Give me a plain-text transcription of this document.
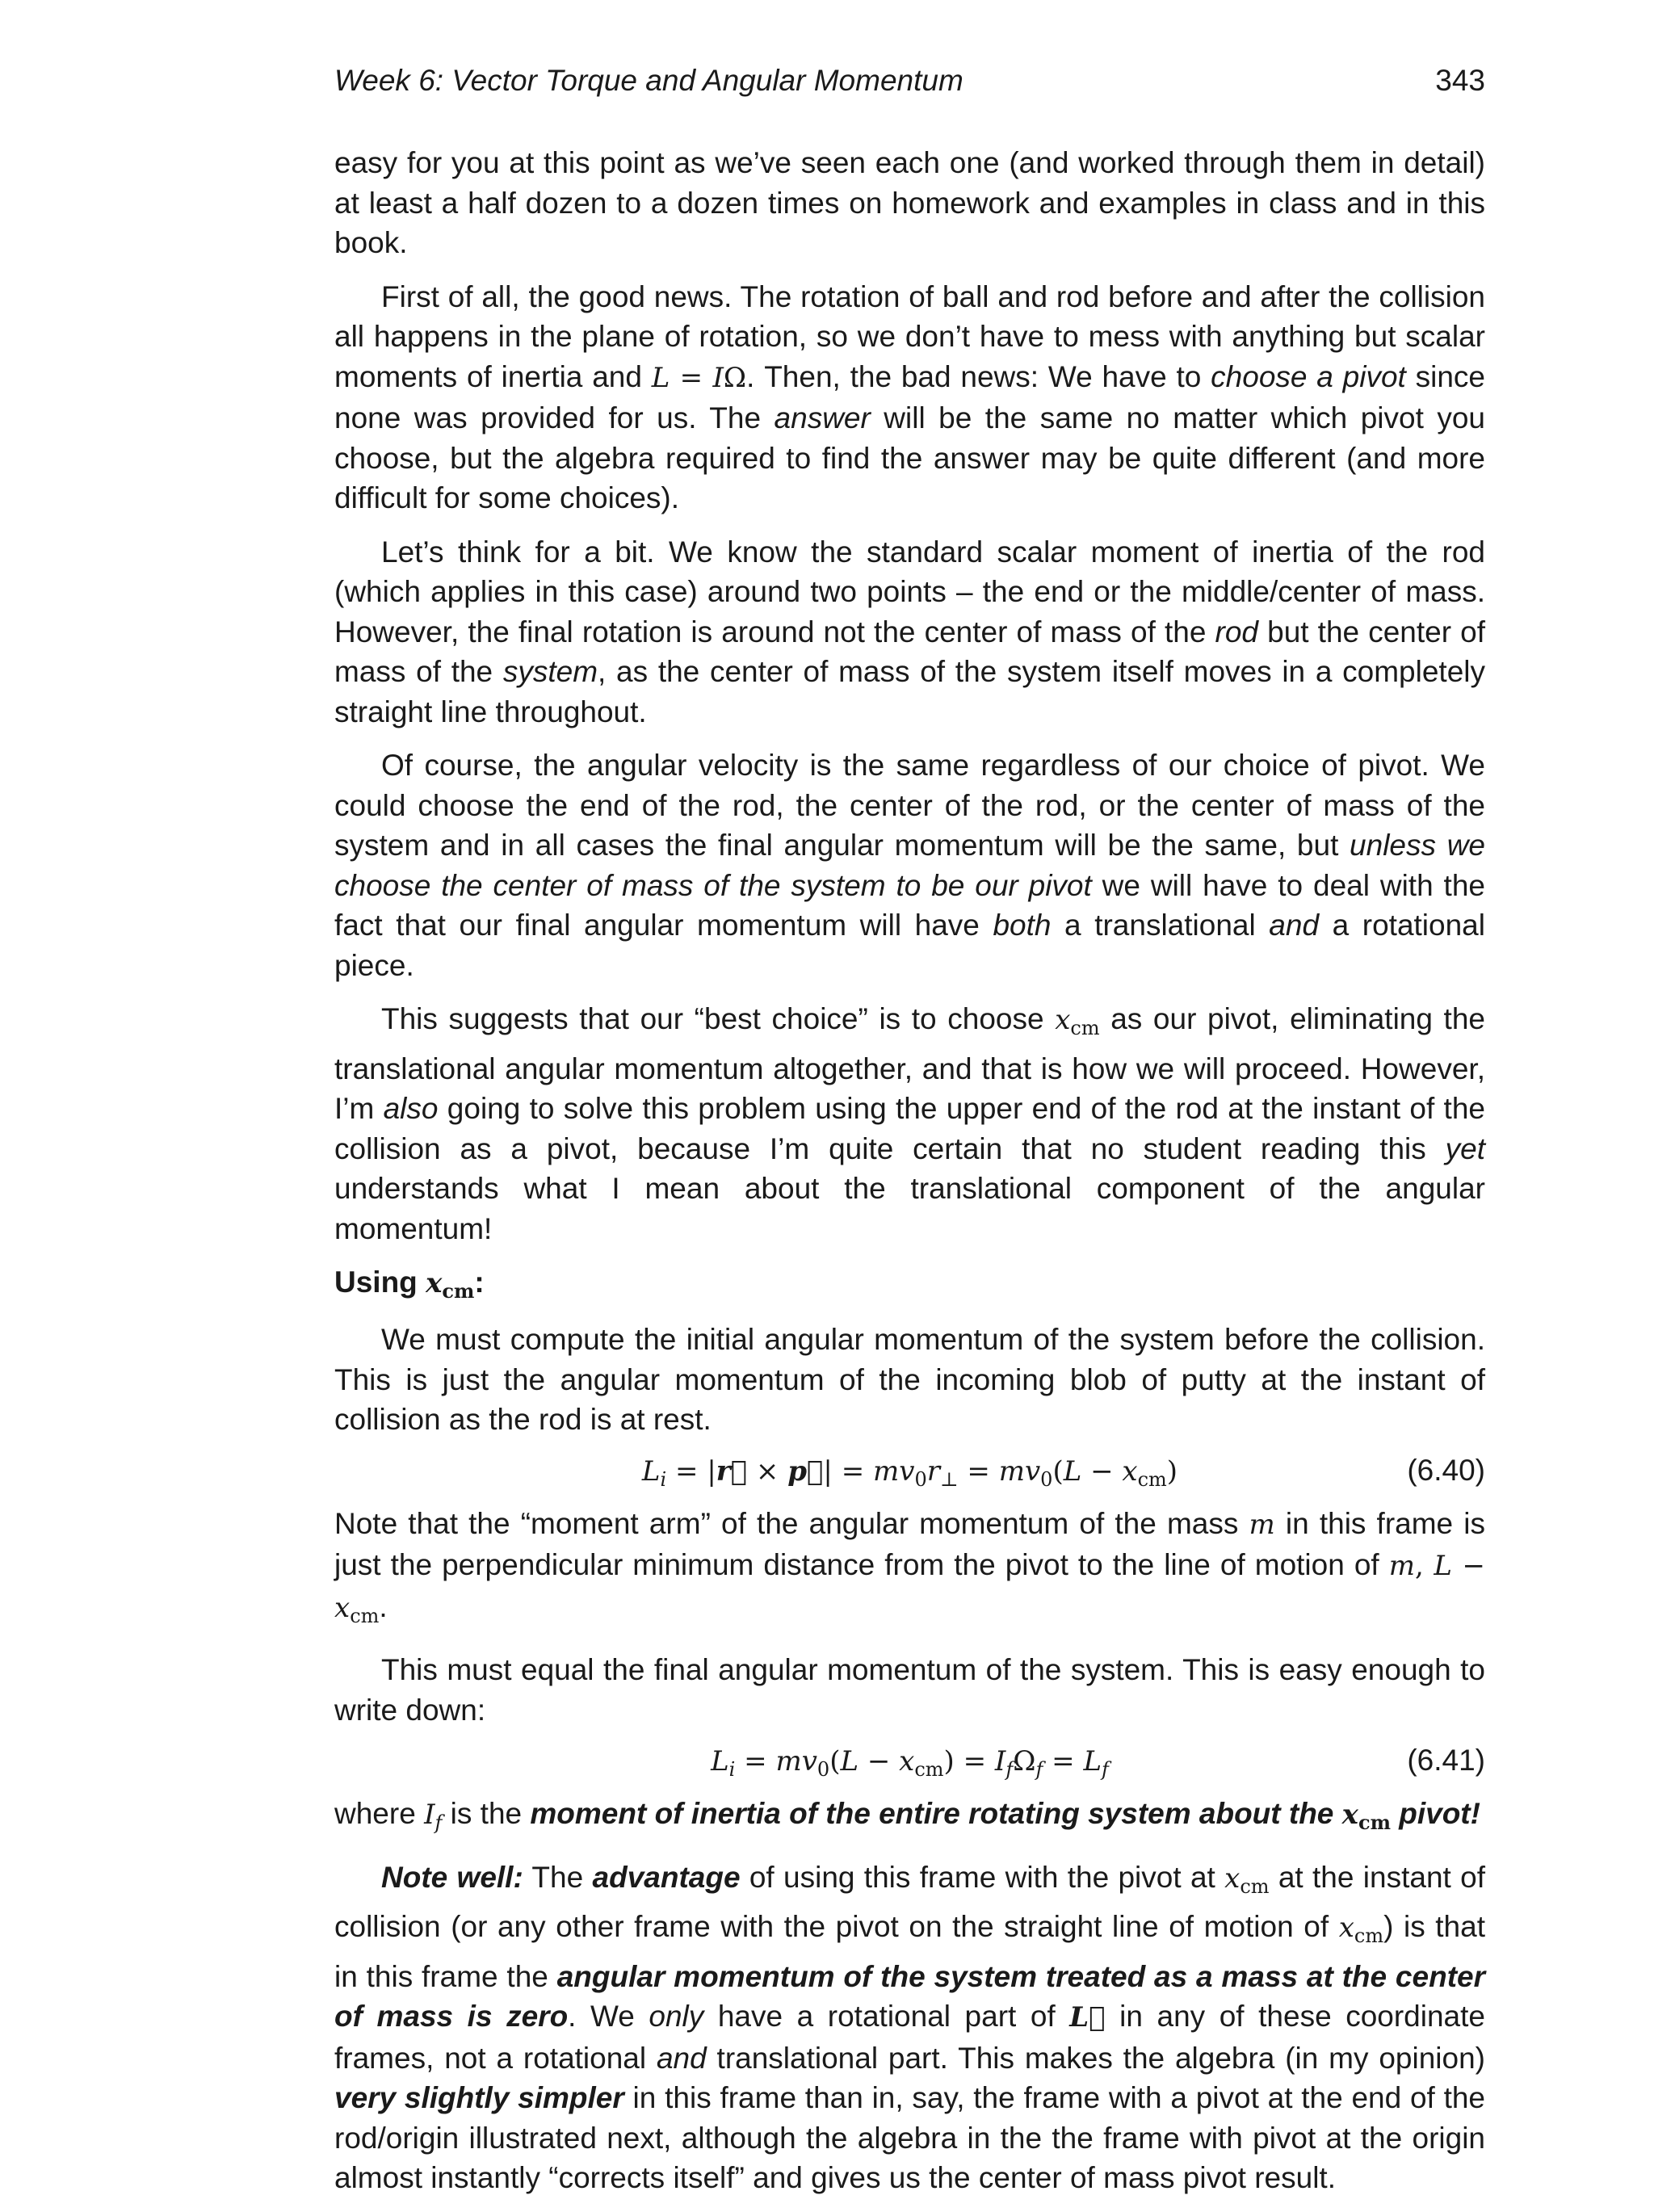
Week 6: Vector Torque and Angular Momentum	343

easy for you at this point as we’ve seen each one (and worked through them in detail) at least a half dozen to a dozen times on homework and examples in class and in this book.

First of all, the good news. The rotation of ball and rod before and after the collision all happens in the plane of rotation, so we don’t have to mess with anything but scalar moments of inertia and L = IΩ. Then, the bad news: We have to choose a pivot since none was provided for us. The answer will be the same no matter which pivot you choose, but the algebra required to find the answer may be quite different (and more difficult for some choices).

Let’s think for a bit. We know the standard scalar moment of inertia of the rod (which applies in this case) around two points – the end or the middle/center of mass. However, the final rotation is around not the center of mass of the rod but the center of mass of the system, as the center of mass of the system itself moves in a completely straight line throughout.

Of course, the angular velocity is the same regardless of our choice of pivot. We could choose the end of the rod, the center of the rod, or the center of mass of the system and in all cases the final angular momentum will be the same, but unless we choose the center of mass of the system to be our pivot we will have to deal with the fact that our final angular momentum will have both a translational and a rotational piece.

This suggests that our “best choice” is to choose $x_{cm}$ as our pivot, eliminating the translational angular momentum altogether, and that is how we will proceed. However, I’m also going to solve this problem using the upper end of the rod at the instant of the collision as a pivot, because I’m quite certain that no student reading this yet understands what I mean about the translational component of the angular momentum!

Using $x_{cm}$:

We must compute the initial angular momentum of the system before the collision. This is just the angular momentum of the incoming blob of putty at the instant of collision as the rod is at rest.

$L_i$ = |r⃗ × p⃗| = $mv_0r_\perp = mv_0(L - x_{cm})$	(6.40)

Note that the “moment arm” of the angular momentum of the mass m in this frame is just the perpendicular minimum distance from the pivot to the line of motion of m, $L - x_{cm}$.

This must equal the final angular momentum of the system. This is easy enough to write down:

$L_i = mv_0(L - x_{cm}) = I_f\Omega_f = L_f$	(6.41)

where $I_f$ is the moment of inertia of the entire rotating system about the $x_{cm}$ pivot!

Note well: The advantage of using this frame with the pivot at $x_{cm}$ at the instant of collision (or any other frame with the pivot on the straight line of motion of $x_{cm}$) is that in this frame the angular momentum of the system treated as a mass at the center of mass is zero. We only have a rotational part of L⃗ in any of these coordinate frames, not a rotational and translational part. This makes the algebra (in my opinion) very slightly simpler in this frame than in, say, the frame with a pivot at the end of the rod/origin illustrated next, although the algebra in the the frame with pivot at the origin almost instantly “corrects itself” and gives us the center of mass pivot result.
